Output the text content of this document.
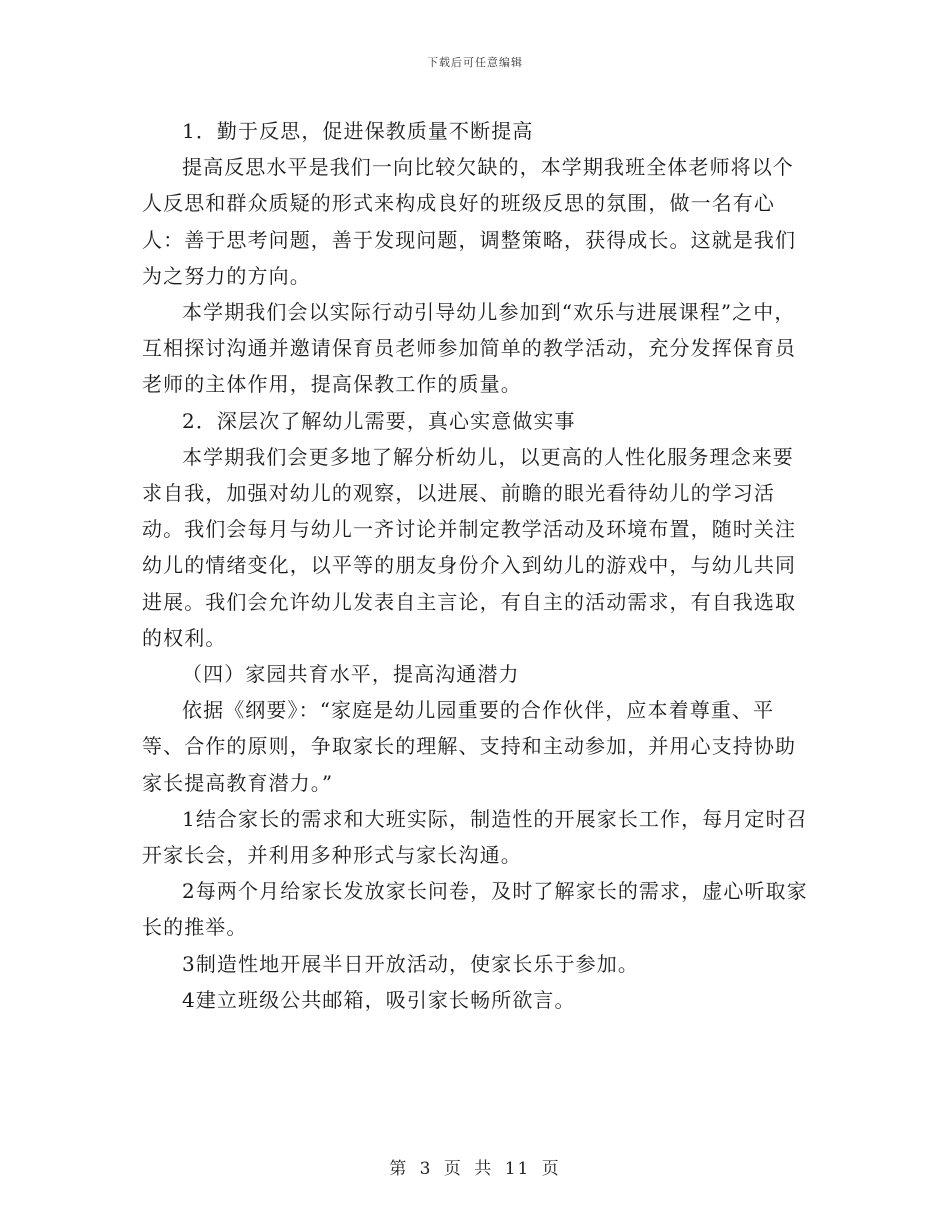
下载后可任意编辑

1．勤于反思，促进保教质量不断提高

提高反思水平是我们一向比较欠缺的，本学期我班全体老师将以个人反思和群众质疑的形式来构成良好的班级反思的氛围，做一名有心人：善于思考问题，善于发现问题，调整策略，获得成长。这就是我们为之努力的方向。

本学期我们会以实际行动引导幼儿参加到“欢乐与进展课程”之中，互相探讨沟通并邀请保育员老师参加简单的教学活动，充分发挥保育员老师的主体作用，提高保教工作的质量。

2．深层次了解幼儿需要，真心实意做实事

本学期我们会更多地了解分析幼儿，以更高的人性化服务理念来要求自我，加强对幼儿的观察，以进展、前瞻的眼光看待幼儿的学习活动。我们会每月与幼儿一齐讨论并制定教学活动及环境布置，随时关注幼儿的情绪变化，以平等的朋友身份介入到幼儿的游戏中，与幼儿共同进展。我们会允许幼儿发表自主言论，有自主的活动需求，有自我选取的权利。

（四）家园共育水平，提高沟通潜力

依据《纲要》：“家庭是幼儿园重要的合作伙伴，应本着尊重、平等、合作的原则，争取家长的理解、支持和主动参加，并用心支持协助家长提高教育潜力。”

1结合家长的需求和大班实际，制造性的开展家长工作，每月定时召开家长会，并利用多种形式与家长沟通。

2每两个月给家长发放家长问卷，及时了解家长的需求，虚心听取家长的推举。

3制造性地开展半日开放活动，使家长乐于参加。

4建立班级公共邮箱，吸引家长畅所欲言。

第 3 页 共 11 页
